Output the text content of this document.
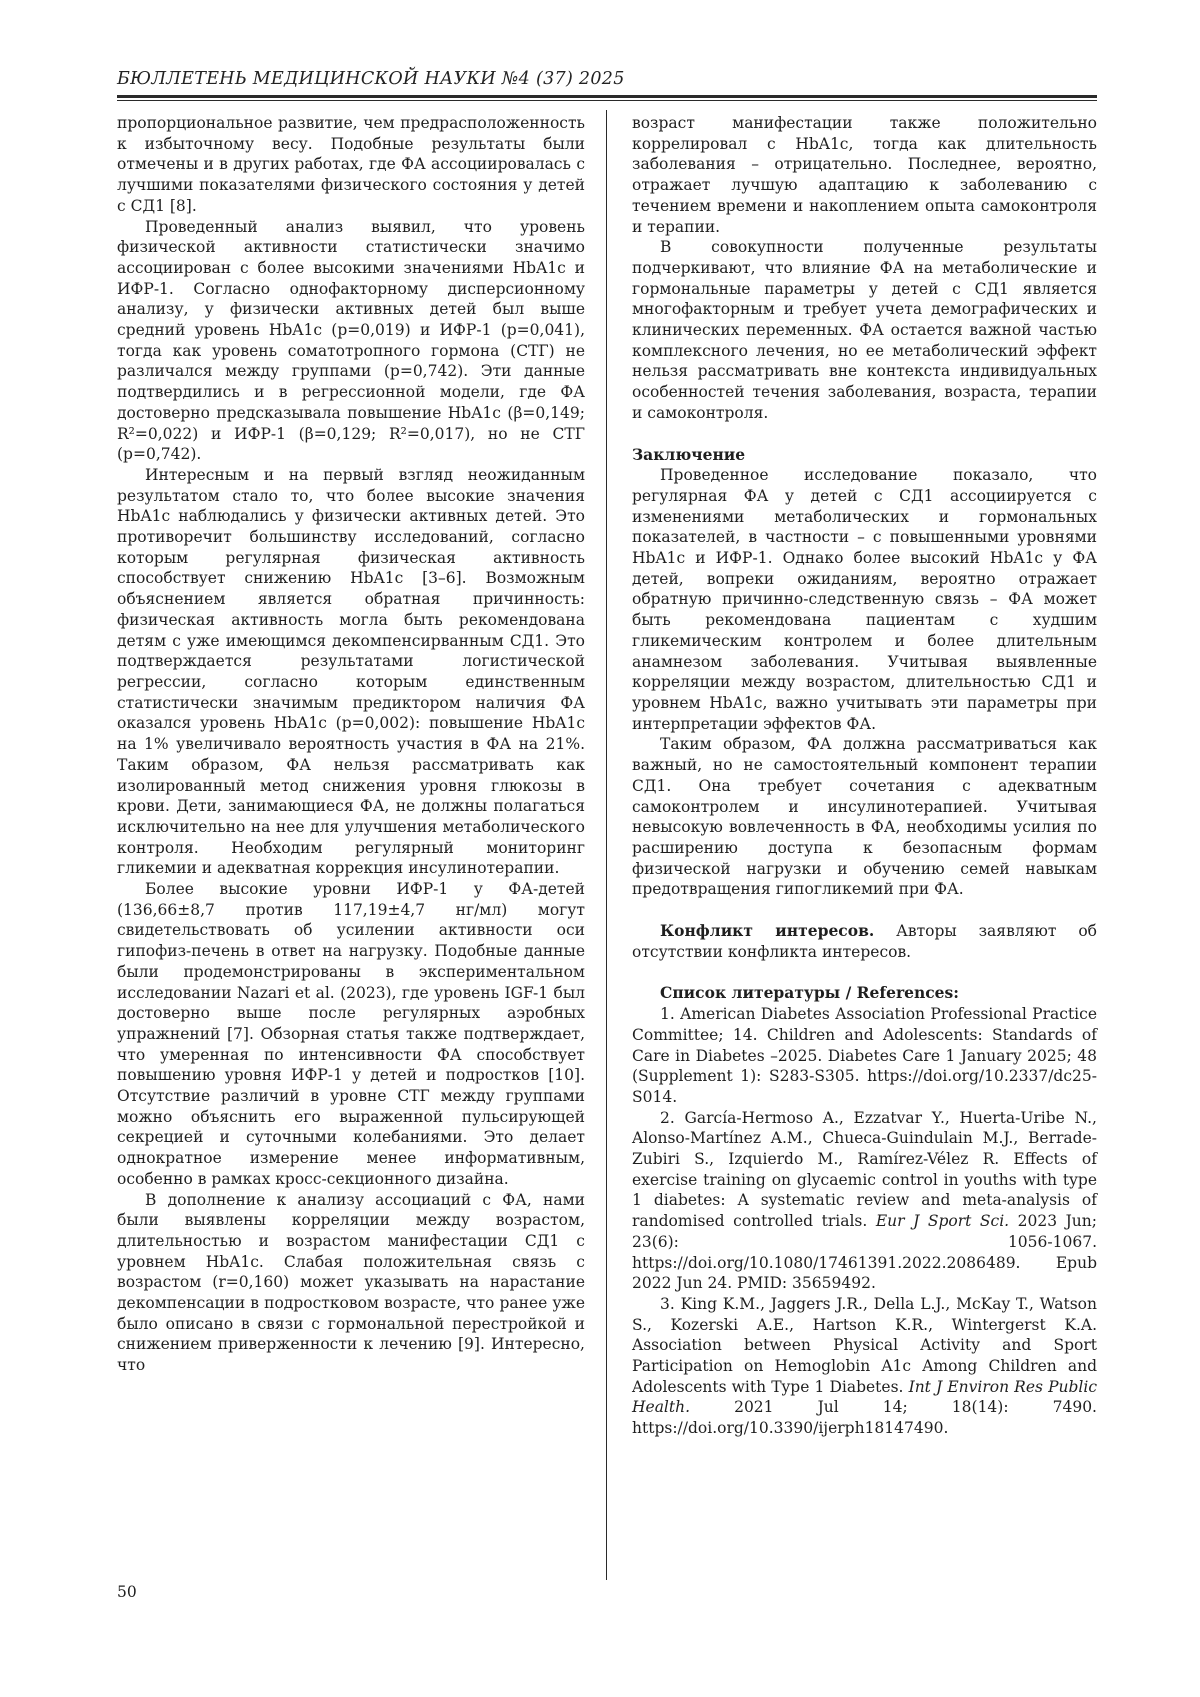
БЮЛЛЕТЕНЬ МЕДИЦИНСКОЙ НАУКИ №4 (37) 2025

пропорциональное развитие, чем предрасположенность к избыточному весу. Подобные результаты были отмечены и в других работах, где ФА ассоциировалась с лучшими показателями физического состояния у детей с СД1 [8].

Проведенный анализ выявил, что уровень физической активности статистически значимо ассоциирован с более высокими значениями HbA1c и ИФР-1. Согласно однофакторному дисперсионному анализу, у физически активных детей был выше средний уровень HbA1c (p=0,019) и ИФР-1 (p=0,041), тогда как уровень соматотропного гормона (СТГ) не различался между группами (p=0,742). Эти данные подтвердились и в регрессионной модели, где ФА достоверно предсказывала повышение HbA1c (β=0,149; R²=0,022) и ИФР-1 (β=0,129; R²=0,017), но не СТГ (p=0,742).

Интересным и на первый взгляд неожиданным результатом стало то, что более высокие значения HbA1c наблюдались у физически активных детей. Это противоречит большинству исследований, согласно которым регулярная физическая активность способствует снижению HbA1c [3–6]. Возможным объяснением является обратная причинность: физическая активность могла быть рекомендована детям с уже имеющимся декомпенсирванным СД1. Это подтверждается результатами логистической регрессии, согласно которым единственным статистически значимым предиктором наличия ФА оказался уровень HbA1c (p=0,002): повышение HbA1c на 1% увеличивало вероятность участия в ФА на 21%. Таким образом, ФА нельзя рассматривать как изолированный метод снижения уровня глюкозы в крови. Дети, занимающиеся ФА, не должны полагаться исключительно на нее для улучшения метаболического контроля. Необходим регулярный мониторинг гликемии и адекватная коррекция инсулинотерапии.

Более высокие уровни ИФР-1 у ФА-детей (136,66±8,7 против 117,19±4,7 нг/мл) могут свидетельствовать об усилении активности оси гипофиз-печень в ответ на нагрузку. Подобные данные были продемонстрированы в экспериментальном исследовании Nazari et al. (2023), где уровень IGF-1 был достоверно выше после регулярных аэробных упражнений [7]. Обзорная статья также подтверждает, что умеренная по интенсивности ФА способствует повышению уровня ИФР-1 у детей и подростков [10]. Отсутствие различий в уровне СТГ между группами можно объяснить его выраженной пульсирующей секрецией и суточными колебаниями. Это делает однократное измерение менее информативным, особенно в рамках кросс-секционного дизайна.

В дополнение к анализу ассоциаций с ФА, нами были выявлены корреляции между возрастом, длительностью и возрастом манифестации СД1 с уровнем HbA1c. Слабая положительная связь с возрастом (r=0,160) может указывать на нарастание декомпенсации в подростковом возрасте, что ранее уже было описано в связи с гормональной перестройкой и снижением приверженности к лечению [9]. Интересно, что

возраст манифестации также положительно коррелировал с HbA1c, тогда как длительность заболевания – отрицательно. Последнее, вероятно, отражает лучшую адаптацию к заболеванию с течением времени и накоплением опыта самоконтроля и терапии.

В совокупности полученные результаты подчеркивают, что влияние ФА на метаболические и гормональные параметры у детей с СД1 является многофакторным и требует учета демографических и клинических переменных. ФА остается важной частью комплексного лечения, но ее метаболический эффект нельзя рассматривать вне контекста индивидуальных особенностей течения заболевания, возраста, терапии и самоконтроля.

Заключение

Проведенное исследование показало, что регулярная ФА у детей с СД1 ассоциируется с изменениями метаболических и гормональных показателей, в частности – с повышенными уровнями HbA1c и ИФР-1. Однако более высокий HbA1c у ФА детей, вопреки ожиданиям, вероятно отражает обратную причинно-следственную связь – ФА может быть рекомендована пациентам с худшим гликемическим контролем и более длительным анамнезом заболевания. Учитывая выявленные корреляции между возрастом, длительностью СД1 и уровнем HbA1c, важно учитывать эти параметры при интерпретации эффектов ФА.

Таким образом, ФА должна рассматриваться как важный, но не самостоятельный компонент терапии СД1. Она требует сочетания с адекватным самоконтролем и инсулинотерапией. Учитывая невысокую вовлеченность в ФА, необходимы усилия по расширению доступа к безопасным формам физической нагрузки и обучению семей навыкам предотвращения гипогликемий при ФА.

Конфликт интересов. Авторы заявляют об отсутствии конфликта интересов.

Список литературы / References:

1. American Diabetes Association Professional Practice Committee; 14. Children and Adolescents: Standards of Care in Diabetes –2025. Diabetes Care 1 January 2025; 48 (Supplement 1): S283-S305. https://doi.org/10.2337/dc25-S014.

2. García-Hermoso A., Ezzatvar Y., Huerta-Uribe N., Alonso-Martínez A.M., Chueca-Guindulain M.J., Berrade-Zubiri S., Izquierdo M., Ramírez-Vélez R. Effects of exercise training on glycaemic control in youths with type 1 diabetes: A systematic review and meta-analysis of randomised controlled trials. Eur J Sport Sci. 2023 Jun; 23(6): 1056-1067. https://doi.org/10.1080/17461391.2022.2086489. Epub 2022 Jun 24. PMID: 35659492.

3. King K.M., Jaggers J.R., Della L.J., McKay T., Watson S., Kozerski A.E., Hartson K.R., Wintergerst K.A. Association between Physical Activity and Sport Participation on Hemoglobin A1c Among Children and Adolescents with Type 1 Diabetes. Int J Environ Res Public Health. 2021 Jul 14; 18(14): 7490. https://doi.org/10.3390/ijerph18147490.

50
